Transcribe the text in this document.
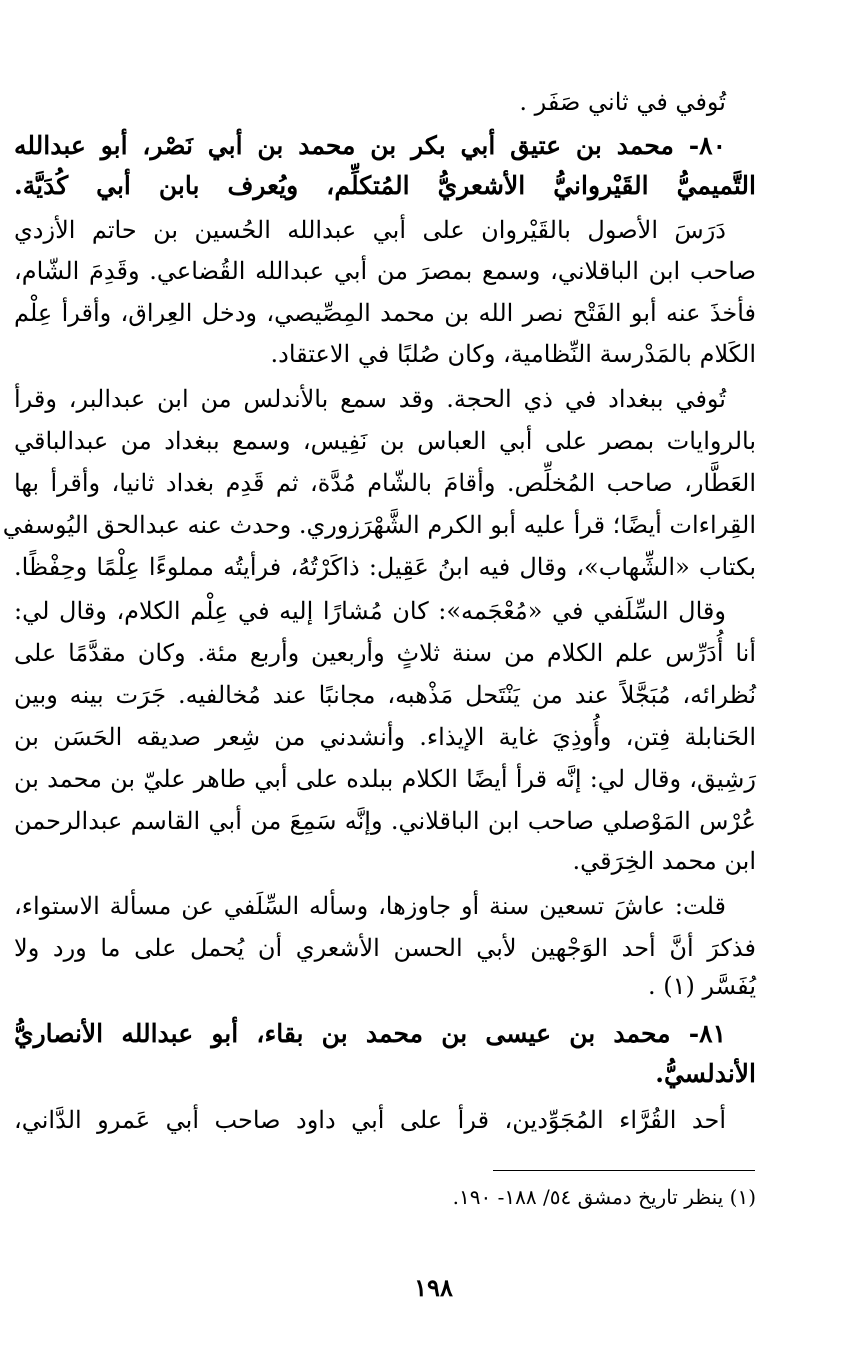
تُوفي في ثاني صَفَر .
٨٠- محمد بن عتيق أبي بكر بن محمد بن أبي نَصْر، أبو عبدالله
التَّميميُّ القَيْروانيُّ الأشعريُّ المُتكلِّم، ويُعرف بابن أبي كُدَيَّة.
دَرَسَ الأصول بالقَيْروان على أبي عبدالله الحُسين بن حاتم الأزدي
صاحب ابن الباقلاني، وسمع بمصرَ من أبي عبدالله القُضاعي. وقَدِمَ الشّام،
فأخذَ عنه أبو الفَتْح نصر الله بن محمد المِصِّيصي، ودخل العِراق، وأقرأ عِلْم
الكَلام بالمَدْرسة النِّظامية، وكان صُلبًا في الاعتقاد.
تُوفي ببغداد في ذي الحجة. وقد سمع بالأندلس من ابن عبدالبر، وقرأ
بالروايات بمصر على أبي العباس بن نَفِيس، وسمع ببغداد من عبدالباقي
العَطَّار، صاحب المُخلِّص. وأقامَ بالشّام مُدَّة، ثم قَدِم بغداد ثانيا، وأقرأ بها
القِراءات أيضًا؛ قرأ عليه أبو الكرم الشَّهْرَزوري. وحدث عنه عبدالحق اليُوسفي
بكتاب «الشِّهاب»، وقال فيه ابنُ عَقِيل: ذاكَرْتُهُ، فرأيتُه مملوءًا عِلْمًا وحِفْظًا.
وقال السِّلَفي في «مُعْجَمه»: كان مُشارًا إليه في عِلْم الكلام، وقال لي:
أنا أُدَرِّس علم الكلام من سنة ثلاثٍ وأربعين وأربع مئة. وكان مقدَّمًا على
نُظرائه، مُبَجَّلاً عند من يَنْتَحل مَذْهبه، مجانبًا عند مُخالفيه. جَرَت بينه وبين
الحَنابلة فِتن، وأُوذِيَ غاية الإيذاء. وأنشدني من شِعر صديقه الحَسَن بن
رَشِيق، وقال لي: إنَّه قرأ أيضًا الكلام ببلده على أبي طاهر عليّ بن محمد بن
عُرْس المَوْصلي صاحب ابن الباقلاني. وإنَّه سَمِعَ من أبي القاسم عبدالرحمن
ابن محمد الخِرَقي.
قلت: عاشَ تسعين سنة أو جاوزها، وسأله السِّلَفي عن مسألة الاستواء،
فذكرَ أنَّ أحد الوَجْهين لأبي الحسن الأشعري أن يُحمل على ما ورد ولا
يُفَسَّر (١) .
٨١- محمد بن عيسى بن محمد بن بقاء، أبو عبدالله الأنصاريُّ
الأندلسيُّ.
أحد القُرَّاء المُجَوِّدين، قرأ على أبي داود صاحب أبي عَمرو الدَّاني،
(١) ينظر تاريخ دمشق ٥٤/ ١٨٨- ١٩٠.
١٩٨
